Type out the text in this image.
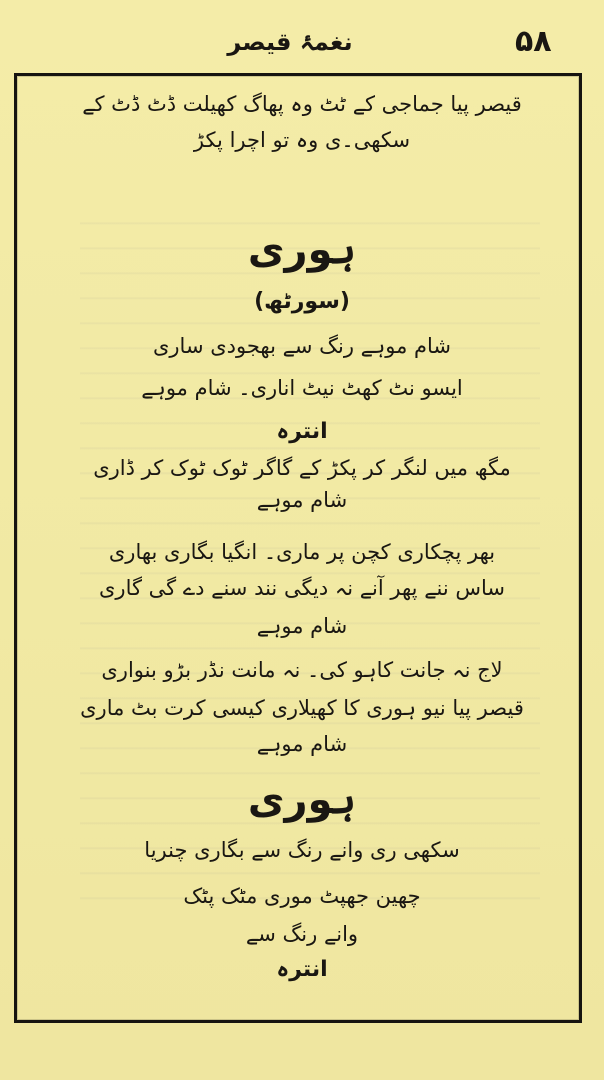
۵۸
نغمۂ قیصر
قیصر پیا جماجی کے ٹٹ وہ پھاگ کھیلت ڈٹ ڈٹ کے
سکھی۔ی وہ تو اچرا پکڑ
ہوری
(سورٹھ)
شام موہے رنگ سے بھجودی ساری
ایسو نٹ کھٹ نیٹ اناری۔ شام موہے
انترہ
مگھ میں لنگر کر پکڑ کے گاگر ٹوک ٹوک کر ڈاری
شام موہے
بھر پچکاری کچن پر ماری۔ انگیا بگاری بھاری
ساس ننے پھر آنے نہ دیگی نند سنے دے گی گاری
شام موہے
لاج نہ جانت کاہو کی۔ نہ مانت نڈر بڑو بنواری
قیصر پیا نیو ہوری کا کھیلاری کیسی کرت بٹ ماری
شام موہے
ہوری
سکھی ری وانے رنگ سے بگاری چنریا
چھین جھپٹ موری مٹک پٹک
وانے رنگ سے
انترہ
